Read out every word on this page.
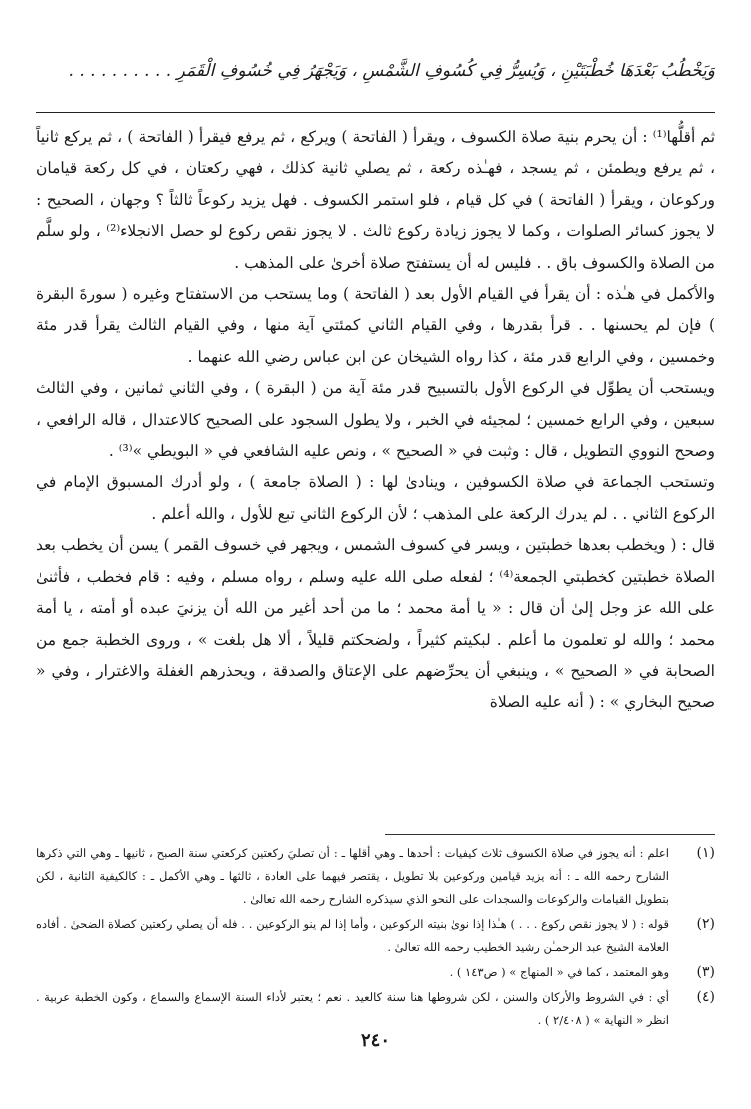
وَيَخْطُبُ بَعْدَهَا خُطْبَتَيْنِ ، وَيُسِرُّ فِي كُسُوفِ الشَّمْسِ ، وَيَجْهَرُ فِي خُسُوفِ الْقَمَرِ . . . . . . . . . .

ثم أقلُّها⁽¹⁾ : أن يحرم بنية صلاة الكسوف ، ويقرأ ( الفاتحة ) ويركع ، ثم يرفع فيقرأ ( الفاتحة ) ، ثم يركع ثانياً ، ثم يرفع ويطمئن ، ثم يسجد ، فهـٰذه ركعة ، ثم يصلي ثانية كذلك ، فهي ركعتان ، في كل ركعة قيامان وركوعان ، ويقرأ ( الفاتحة ) في كل قيام ، فلو استمر الكسوف . فهل يزيد ركوعاً ثالثاً ؟ وجهان ، الصحيح : لا يجوز كسائر الصلوات ، وكما لا يجوز زيادة ركوع ثالث . لا يجوز نقص ركوع لو حصل الانجلاء⁽²⁾ ، ولو سلَّم من الصلاة والكسوف باق . . فليس له أن يستفتح صلاة أخرىٰ على المذهب .

والأكمل في هـٰذه : أن يقرأ في القيام الأول بعد ( الفاتحة ) وما يستحب من الاستفتاح وغيره ( سورةَ البقرة ) فإن لم يحسنها . . قرأ بقدرها ، وفي القيام الثاني كمئتي آية منها ، وفي القيام الثالث يقرأ قدر مئة وخمسين ، وفي الرابع قدر مئة ، كذا رواه الشيخان عن ابن عباس رضي الله عنهما .

ويستحب أن يطوِّل في الركوع الأول بالتسبيح قدر مئة آية من ( البقرة ) ، وفي الثاني ثمانين ، وفي الثالث سبعين ، وفي الرابع خمسين ؛ لمجيئه في الخبر ، ولا يطول السجود على الصحيح كالاعتدال ، قاله الرافعي ، وصحح النووي التطويل ، قال : وثبت في « الصحيح » ، ونص عليه الشافعي في « البويطي »⁽³⁾ .

وتستحب الجماعة في صلاة الكسوفين ، وينادىٰ لها : ( الصلاة جامعة ) ، ولو أدرك المسبوق الإمام في الركوع الثاني . . لم يدرك الركعة على المذهب ؛ لأن الركوع الثاني تبع للأول ، والله أعلم .

قال : ( ويخطب بعدها خطبتين ، ويسر في كسوف الشمس ، ويجهر في خسوف القمر ) يسن أن يخطب بعد الصلاة خطبتين كخطبتي الجمعة⁽⁴⁾ ؛ لفعله صلى الله عليه وسلم ، رواه مسلم ، وفيه : قام فخطب ، فأثنىٰ على الله عز وجل إلىٰ أن قال : « يا أمة محمد ؛ ما من أحد أغير من الله أن يزنيَ عبده أو أمته ، يا أمة محمد ؛ والله لو تعلمون ما أعلم . لبكيتم كثيراً ، ولضحكتم قليلاً ، ألا هل بلغت » ، وروى الخطبة جمع من الصحابة في « الصحيح » ، وينبغي أن يحرِّضهم على الإعتاق والصدقة ، ويحذرهم الغفلة والاغترار ، وفي « صحيح البخاري » : ( أنه عليه الصلاة

(١)
اعلم : أنه يجوز في صلاة الكسوف ثلاث كيفيات : أحدها ـ وهي أقلها ـ : أن تصليَ ركعتين كركعتي سنة الصبح ، ثانيها ـ وهي التي ذكرها الشارح رحمه الله ـ : أنه يزيد قيامين وركوعين بلا تطويل ، يقتصر فيهما على العادة ، ثالثها ـ وهي الأكمل ـ : كالكيفية الثانية ، لكن بتطويل القيامات والركوعات والسجدات على النحو الذي سيذكره الشارح رحمه الله تعالىٰ .
(٢)
قوله : ( لا يجوز نقص ركوع . . . ) هـٰذا إذا نوىٰ بنيته الركوعين ، وأما إذا لم ينو الركوعين . . فله أن يصلي ركعتين كصلاة الضحىٰ . أفاده العلامة الشيخ عبد الرحمـٰن رشيد الخطيب رحمه الله تعالىٰ .
(٣)
وهو المعتمد ، كما في « المنهاج » ( ص١٤٣ ) .
(٤)
أي : في الشروط والأركان والسنن ، لكن شروطها هنا سنة كالعيد . نعم ؛ يعتبر لأداء السنة الإسماع والسماع ، وكون الخطبة عربية . انظر « النهاية » ( ٢/٤٠٨ ) .
٢٤٠
